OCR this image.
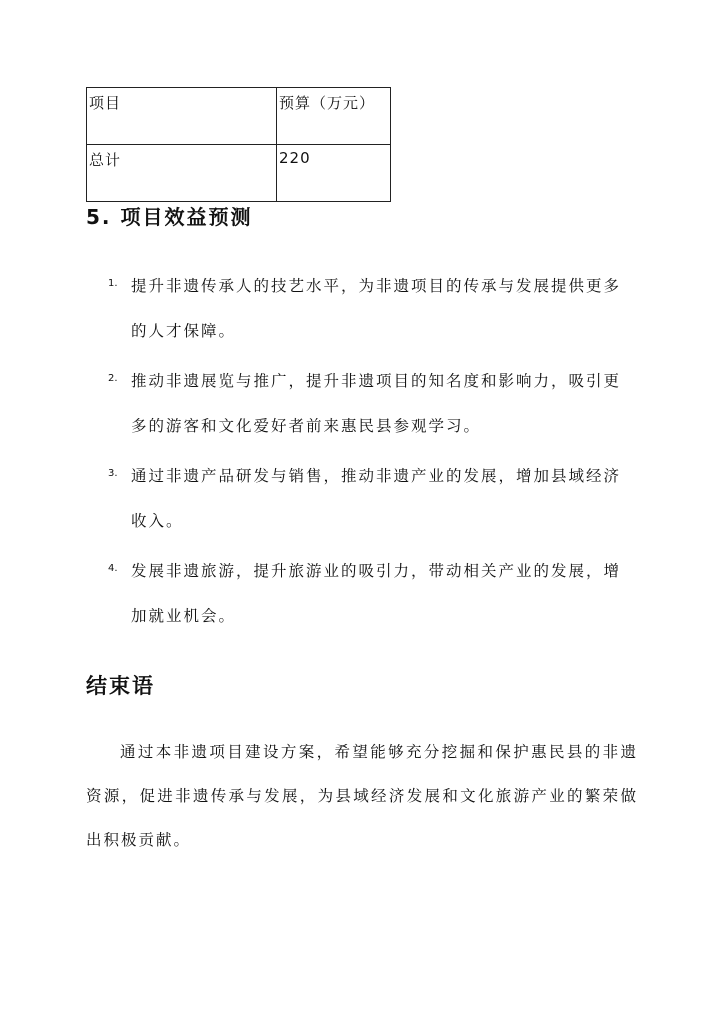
项目	预算（万元）
总计	220
5. 项目效益预测
1. 提升非遗传承人的技艺水平，为非遗项目的传承与发展提供更多的人才保障。
2. 推动非遗展览与推广，提升非遗项目的知名度和影响力，吸引更多的游客和文化爱好者前来惠民县参观学习。
3. 通过非遗产品研发与销售，推动非遗产业的发展，增加县域经济收入。
4. 发展非遗旅游，提升旅游业的吸引力，带动相关产业的发展，增加就业机会。
结束语

通过本非遗项目建设方案，希望能够充分挖掘和保护惠民县的非遗资源，促进非遗传承与发展，为县域经济发展和文化旅游产业的繁荣做出积极贡献。
